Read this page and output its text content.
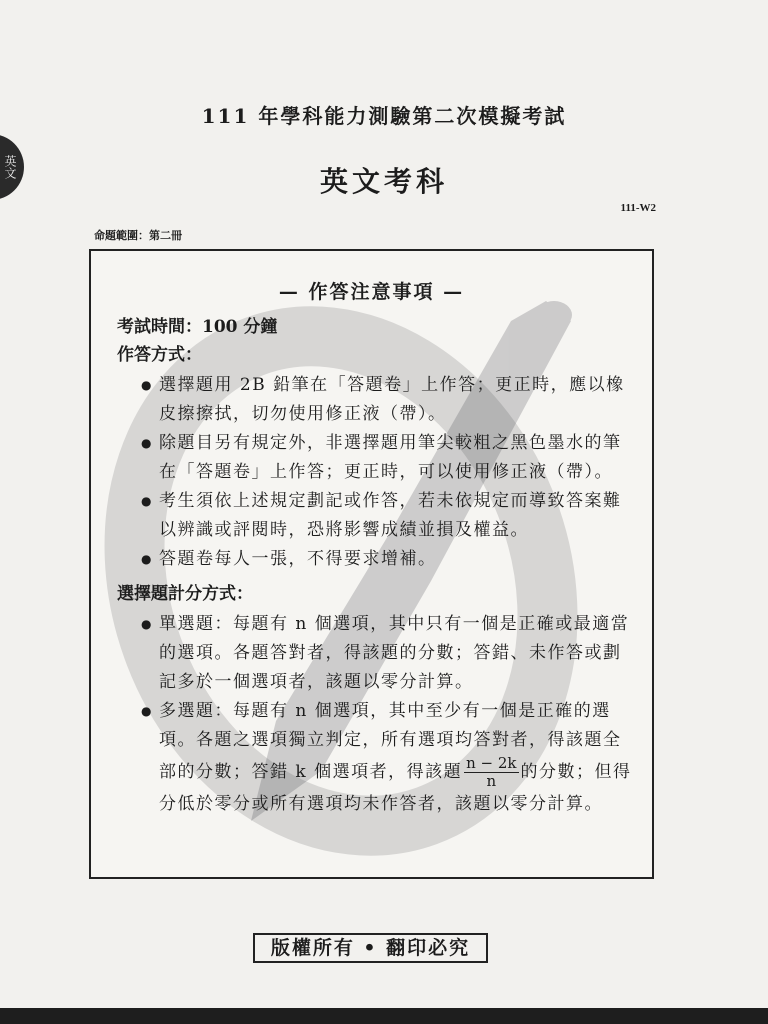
英文
111 年學科能力測驗第二次模擬考試
英文考科
111-W2
命題範圍：第二冊
— 作答注意事項 —
考試時間：100 分鐘
作答方式：
● 選擇題用 2B 鉛筆在「答題卷」上作答；更正時，應以橡皮擦擦拭，切勿使用修正液（帶）。
● 除題目另有規定外，非選擇題用筆尖較粗之黑色墨水的筆在「答題卷」上作答；更正時，可以使用修正液（帶）。
● 考生須依上述規定劃記或作答，若未依規定而導致答案難以辨識或評閱時，恐將影響成績並損及權益。
● 答題卷每人一張，不得要求增補。
選擇題計分方式：
● 單選題：每題有 n 個選項，其中只有一個是正確或最適當的選項。各題答對者，得該題的分數；答錯、未作答或劃記多於一個選項者，該題以零分計算。
● 多選題：每題有 n 個選項，其中至少有一個是正確的選項。各題之選項獨立判定，所有選項均答對者，得該題全部的分數；答錯 k 個選項者，得該題 $\frac{n - 2k}{n}$ 的分數；但得分低於零分或所有選項均未作答者，該題以零分計算。
版權所有 • 翻印必究
